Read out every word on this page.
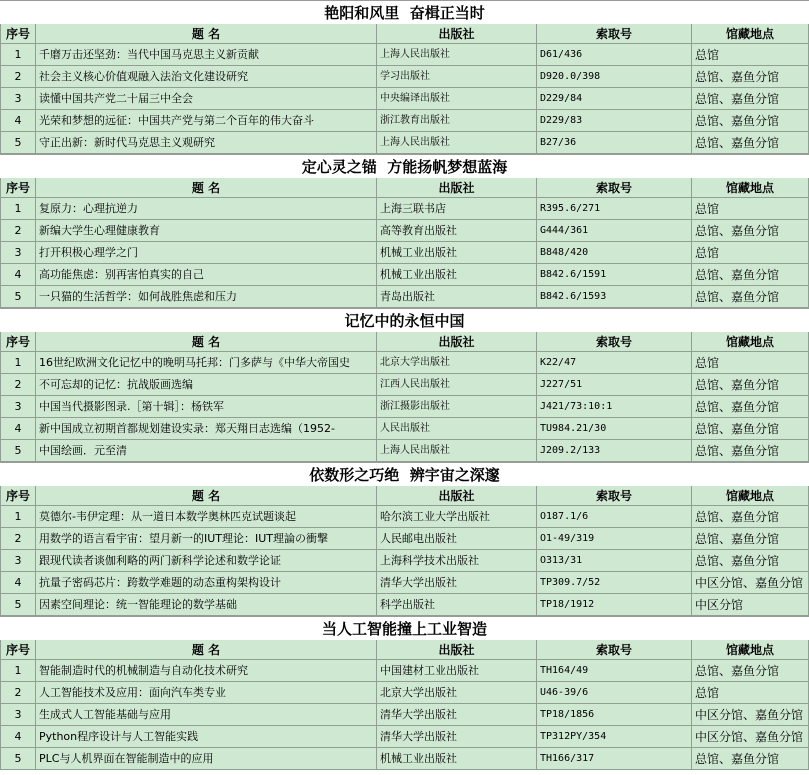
艳阳和风里  奋楫正当时
序号	题 名	出版社	索取号	馆藏地点
1	千磨万击还坚劲：当代中国马克思主义新贡献	上海人民出版社	D61/436	总馆
2	社会主义核心价值观融入法治文化建设研究	学习出版社	D920.0/398	总馆、嘉鱼分馆
3	读懂中国共产党二十届三中全会	中央编译出版社	D229/84	总馆、嘉鱼分馆
4	光荣和梦想的远征：中国共产党与第二个百年的伟大奋斗	浙江教育出版社	D229/83	总馆、嘉鱼分馆
5	守正出新：新时代马克思主义观研究	上海人民出版社	B27/36	总馆、嘉鱼分馆
定心灵之锚  方能扬帆梦想蓝海
序号	题 名	出版社	索取号	馆藏地点
1	复原力：心理抗逆力	上海三联书店	R395.6/271	总馆
2	新编大学生心理健康教育	高等教育出版社	G444/361	总馆、嘉鱼分馆
3	打开积极心理学之门	机械工业出版社	B848/420	总馆
4	高功能焦虑：别再害怕真实的自己	机械工业出版社	B842.6/1591	总馆、嘉鱼分馆
5	一只猫的生活哲学：如何战胜焦虑和压力	青岛出版社	B842.6/1593	总馆、嘉鱼分馆
记忆中的永恒中国
序号	题 名	出版社	索取号	馆藏地点
1	16世纪欧洲文化记忆中的晚明马托邦：门多萨与《中华大帝国史	北京大学出版社	K22/47	总馆
2	不可忘却的记忆：抗战版画选编	江西人民出版社	J227/51	总馆、嘉鱼分馆
3	中国当代摄影图录.［第十辑］：杨铁军	浙江摄影出版社	J421/73:10:1	总馆、嘉鱼分馆
4	新中国成立初期首都规划建设实录：郑天翔日志选编（1952-	人民出版社	TU984.21/30	总馆、嘉鱼分馆
5	中国绘画．元至清	上海人民出版社	J209.2/133	总馆、嘉鱼分馆
依数形之巧绝  辨宇宙之深邃
序号	题 名	出版社	索取号	馆藏地点
1	莫德尔-韦伊定理：从一道日本数学奥林匹克试题谈起	哈尔滨工业大学出版社	O187.1/6	总馆、嘉鱼分馆
2	用数学的语言看宇宙：望月新一的IUT理论：IUT理論の衝撃	人民邮电出版社	O1-49/319	总馆、嘉鱼分馆
3	跟现代读者谈伽利略的两门新科学论述和数学论证	上海科学技术出版社	O313/31	总馆、嘉鱼分馆
4	抗量子密码芯片：跨数学难题的动态重构架构设计	清华大学出版社	TP309.7/52	中区分馆、嘉鱼分馆
5	因素空间理论：统一智能理论的数学基础	科学出版社	TP18/1912	中区分馆
当人工智能撞上工业智造
序号	题 名	出版社	索取号	馆藏地点
1	智能制造时代的机械制造与自动化技术研究	中国建材工业出版社	TH164/49	总馆、嘉鱼分馆
2	人工智能技术及应用：面向汽车类专业	北京大学出版社	U46-39/6	总馆
3	生成式人工智能基础与应用	清华大学出版社	TP18/1856	中区分馆、嘉鱼分馆
4	Python程序设计与人工智能实践	清华大学出版社	TP312PY/354	中区分馆、嘉鱼分馆
5	PLC与人机界面在智能制造中的应用	机械工业出版社	TH166/317	总馆、嘉鱼分馆
